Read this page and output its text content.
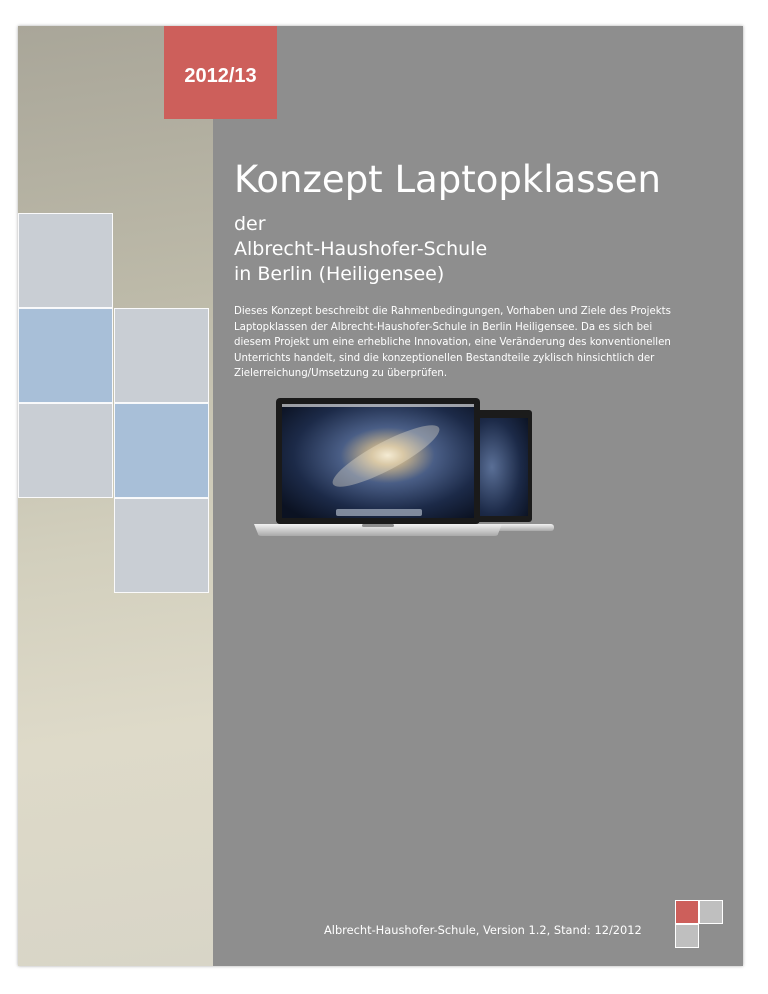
2012/13
Konzept Laptopklassen
der
Albrecht-Haushofer-Schule
in Berlin (Heiligensee)

Dieses Konzept beschreibt die Rahmenbedingungen, Vorhaben und Ziele des Projekts Laptopklassen der Albrecht-Haushofer-Schule in Berlin Heiligensee. Da es sich bei diesem Projekt um eine erhebliche Innovation, eine Veränderung des konventionellen Unterrichts handelt, sind die konzeptionellen Bestandteile zyklisch hinsichtlich der Zielerreichung/Umsetzung zu überprüfen.

Albrecht-Haushofer-Schule, Version 1.2, Stand: 12/2012
